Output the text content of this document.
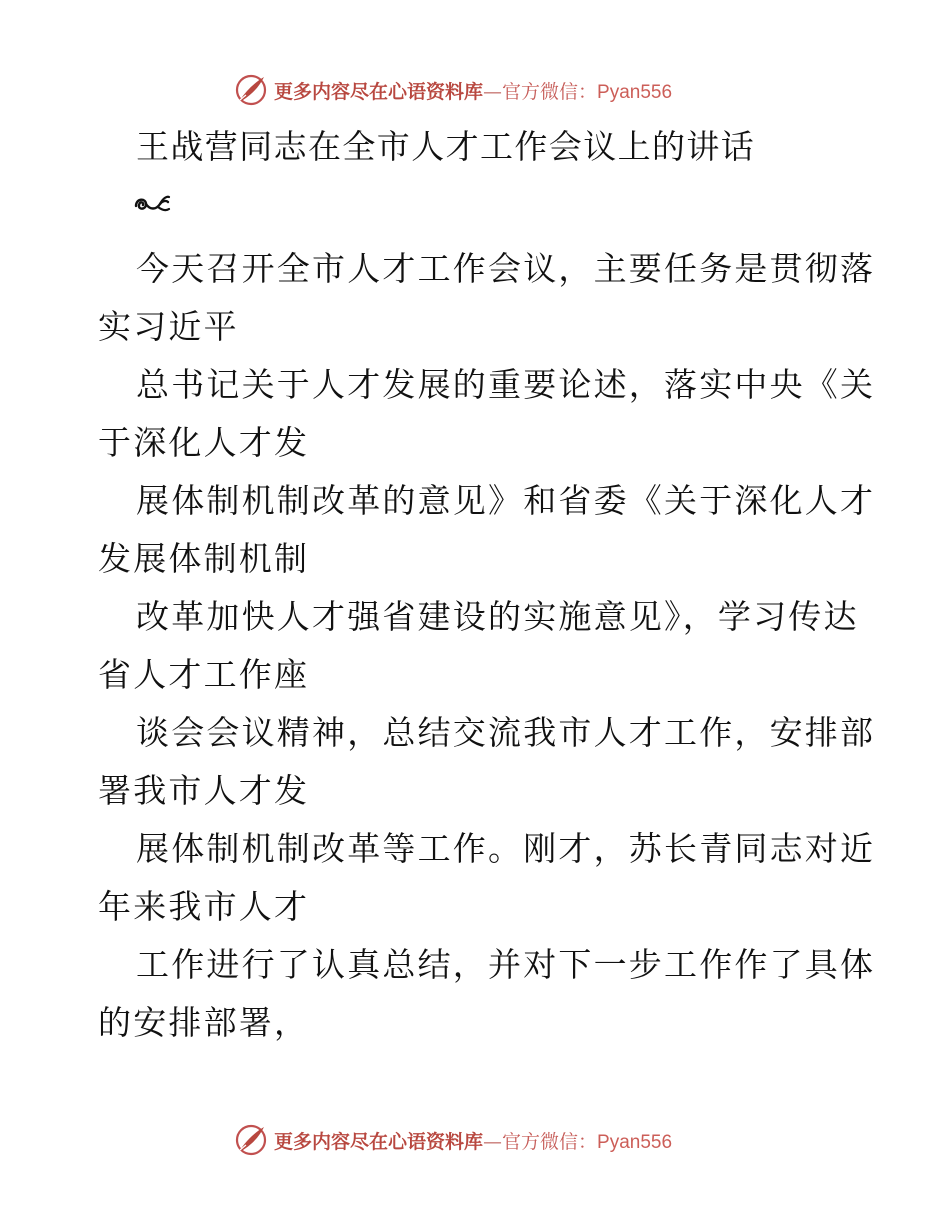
更多内容尽在心语资料库—官方微信：Pyan556
王战营同志在全市人才工作会议上的讲话
今天召开全市人才工作会议，主要任务是贯彻落
实习近平
总书记关于人才发展的重要论述，落实中央《关
于深化人才发
展体制机制改革的意见》和省委《关于深化人才
发展体制机制
改革加快人才强省建设的实施意见》，学习传达
省人才工作座
谈会会议精神，总结交流我市人才工作，安排部
署我市人才发
展体制机制改革等工作。刚才，苏长青同志对近
年来我市人才
工作进行了认真总结，并对下一步工作作了具体
的安排部署，
更多内容尽在心语资料库—官方微信：Pyan556
